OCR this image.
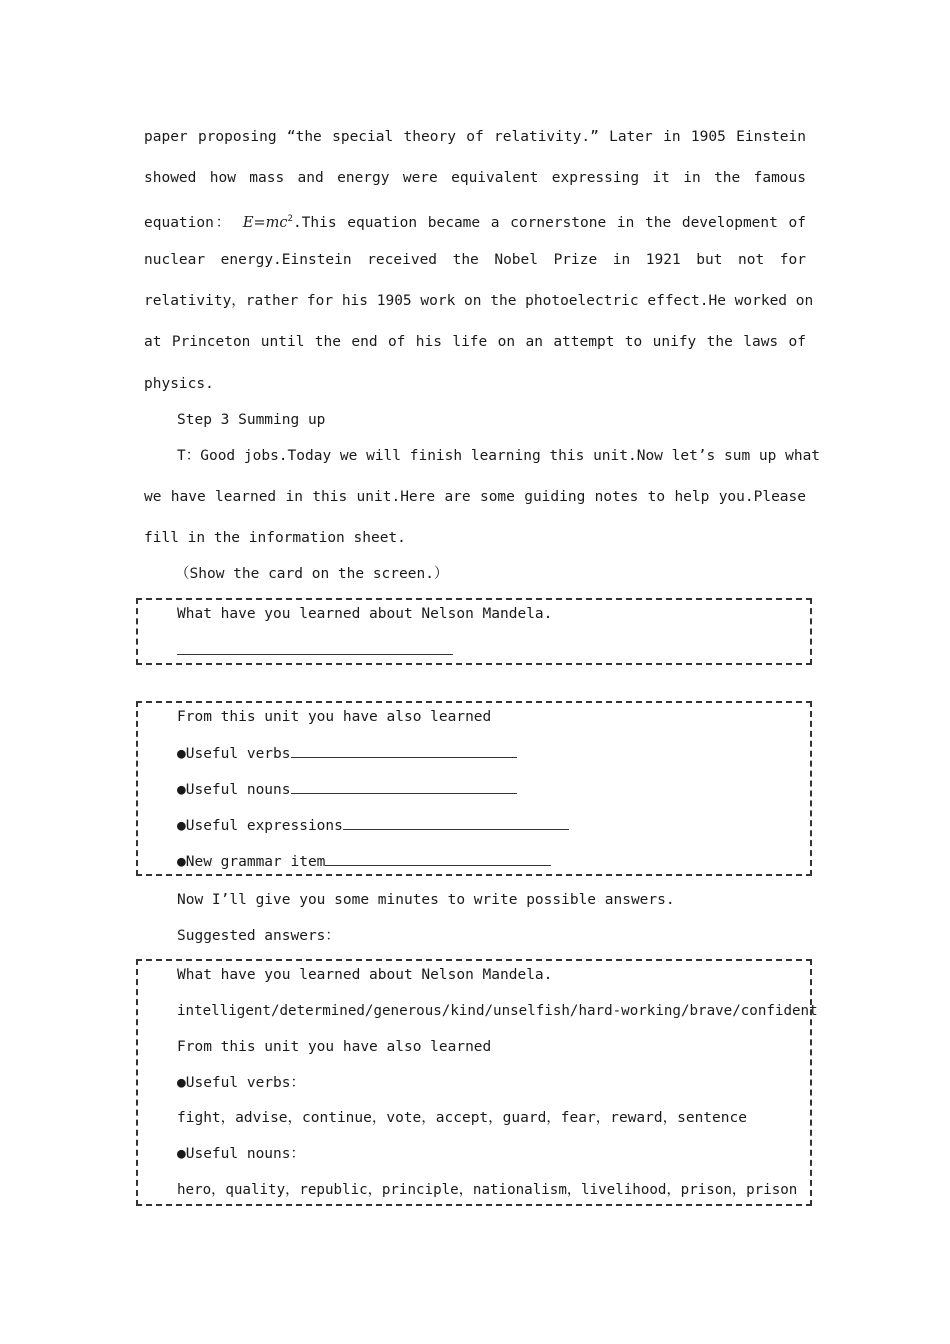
paper proposing “the special theory of relativity.” Later in 1905 Einstein
showed how mass and energy were equivalent expressing it in the famous
equation： $E=mc^2.This$ equation became a cornerstone in the development of
nuclear energy.Einstein received the Nobel Prize in 1921 but not for
relativity，rather for his 1905 work on the photoelectric effect.He worked on
at Princeton until the end of his life on an attempt to unify the laws of
physics.
Step 3 Summing up
T：Good jobs.Today we will finish learning this unit.Now let’s sum up what
we have learned in this unit.Here are some guiding notes to help you.Please
fill in the information sheet.
（Show the card on the screen.）
What have you learned about Nelson Mandela.
From this unit you have also learned
●Useful verbs
●Useful nouns
●Useful expressions
●New grammar item
Now I’ll give you some minutes to write possible answers.
Suggested answers：
What have you learned about Nelson Mandela.
intelligent/determined/generous/kind/unselfish/hard-working/brave/confident
From this unit you have also learned
●Useful verbs：
fight，advise，continue，vote，accept，guard，fear，reward，sentence
●Useful nouns：
hero，quality，republic，principle，nationalism，livelihood，prison，prison
